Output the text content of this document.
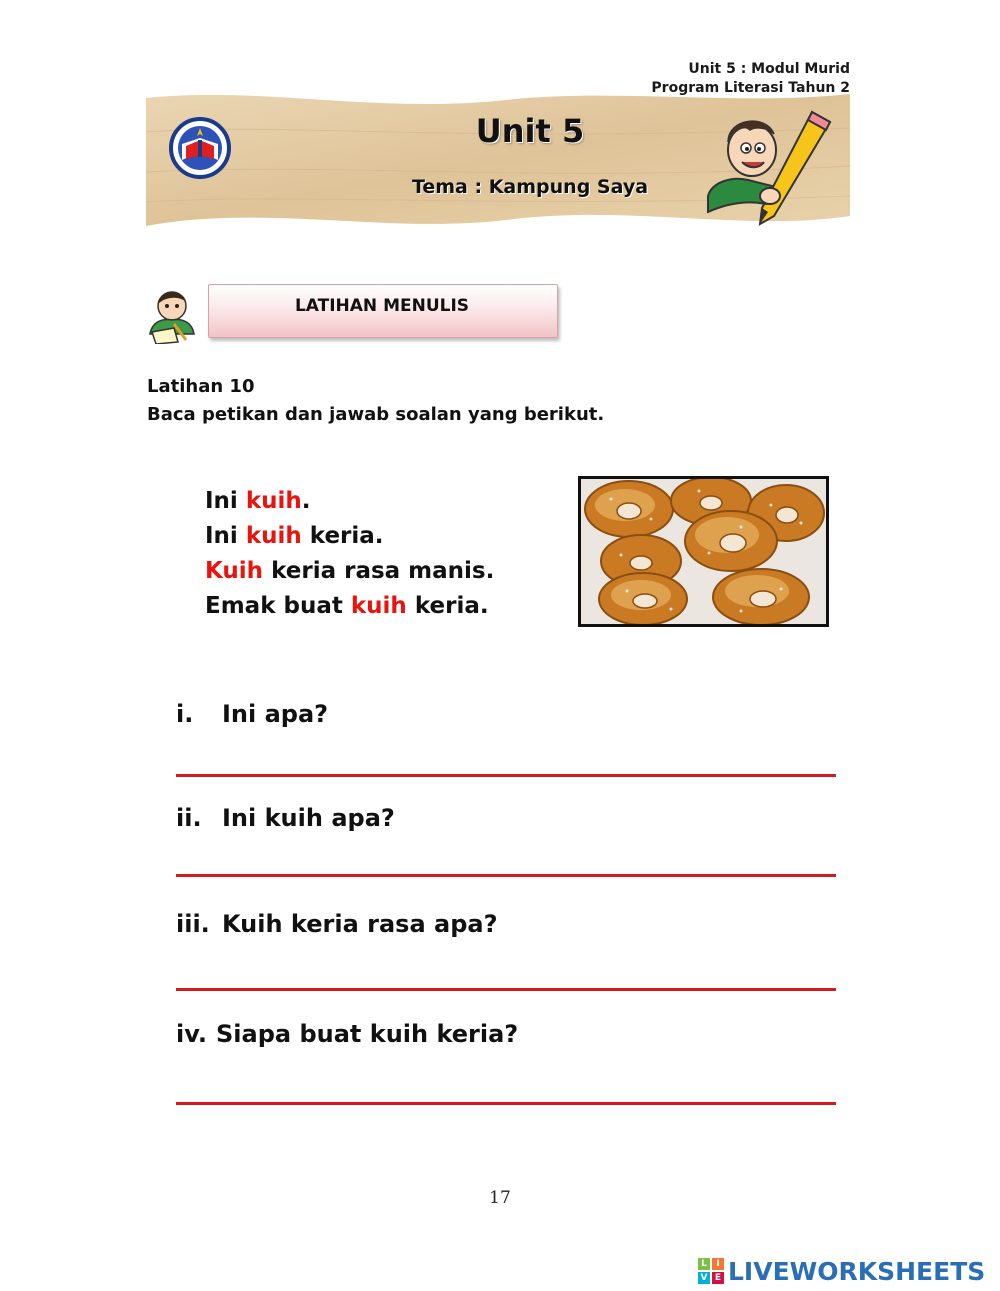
Unit 5 : Modul Murid
Program Literasi Tahun 2
Unit 5
Tema : Kampung Saya
LATIHAN MENULIS
Latihan 10
Baca petikan dan jawab soalan yang berikut.
Ini kuih.
Ini kuih keria.
Kuih keria rasa manis.
Emak buat kuih keria.
i. Ini apa?
ii. Ini kuih apa?
iii. Kuih keria rasa apa?
iv. Siapa buat kuih keria?
17
L	I
V E LIVEWORKSHEETS
